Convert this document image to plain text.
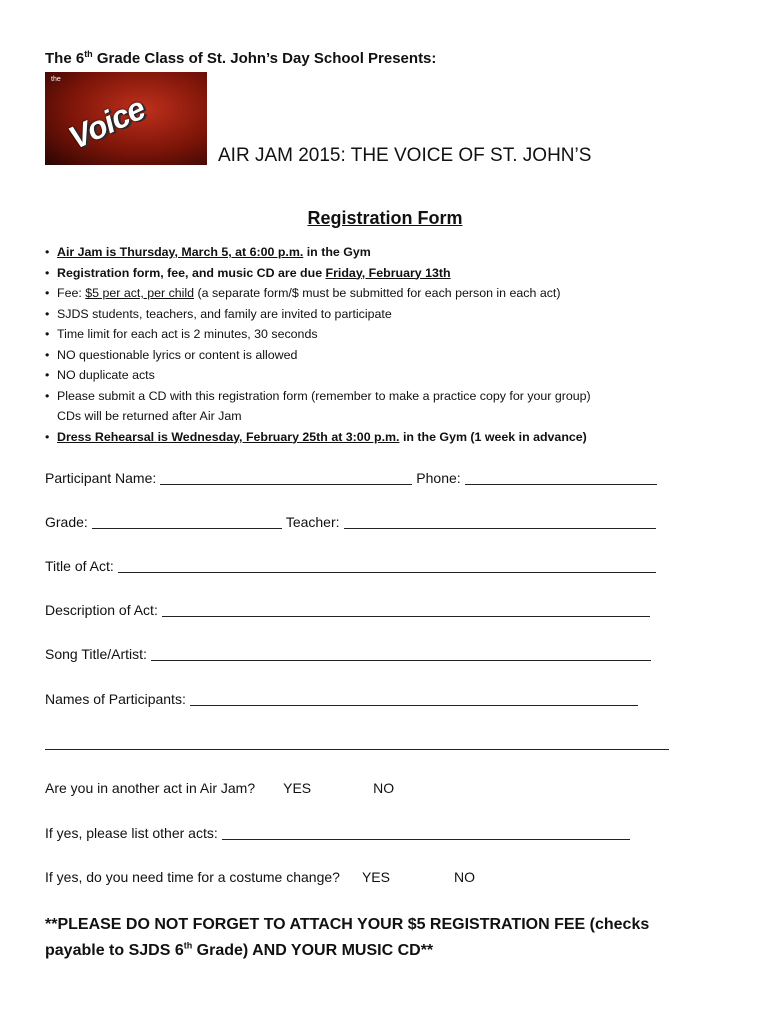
The 6th Grade Class of St. John’s Day School Presents:
the
Voice	AIR JAM 2015: THE VOICE OF ST. JOHN’S
Registration Form
• Air Jam is Thursday, March 5, at 6:00 p.m. in the Gym
• Registration form, fee, and music CD are due Friday, February 13th
• Fee: $5 per act, per child (a separate form/$ must be submitted for each person in each act)
• SJDS students, teachers, and family are invited to participate
• Time limit for each act is 2 minutes, 30 seconds
• NO questionable lyrics or content is allowed
• NO duplicate acts
• Please submit a CD with this registration form (remember to make a practice copy for your group)
CDs will be returned after Air Jam
• Dress Rehearsal is Wednesday, February 25th at 3:00 p.m. in the Gym (1 week in advance)
Participant Name:	Phone:
Grade:	Teacher:
Title of Act:
Description of Act:
Song Title/Artist:
Names of Participants:
Are you in another act in Air Jam? YES	NO
If yes, please list other acts:
If yes, do you need time for a costume change? YES	NO
**PLEASE DO NOT FORGET TO ATTACH YOUR $5 REGISTRATION FEE (checks
payable to SJDS 6th Grade) AND YOUR MUSIC CD**
